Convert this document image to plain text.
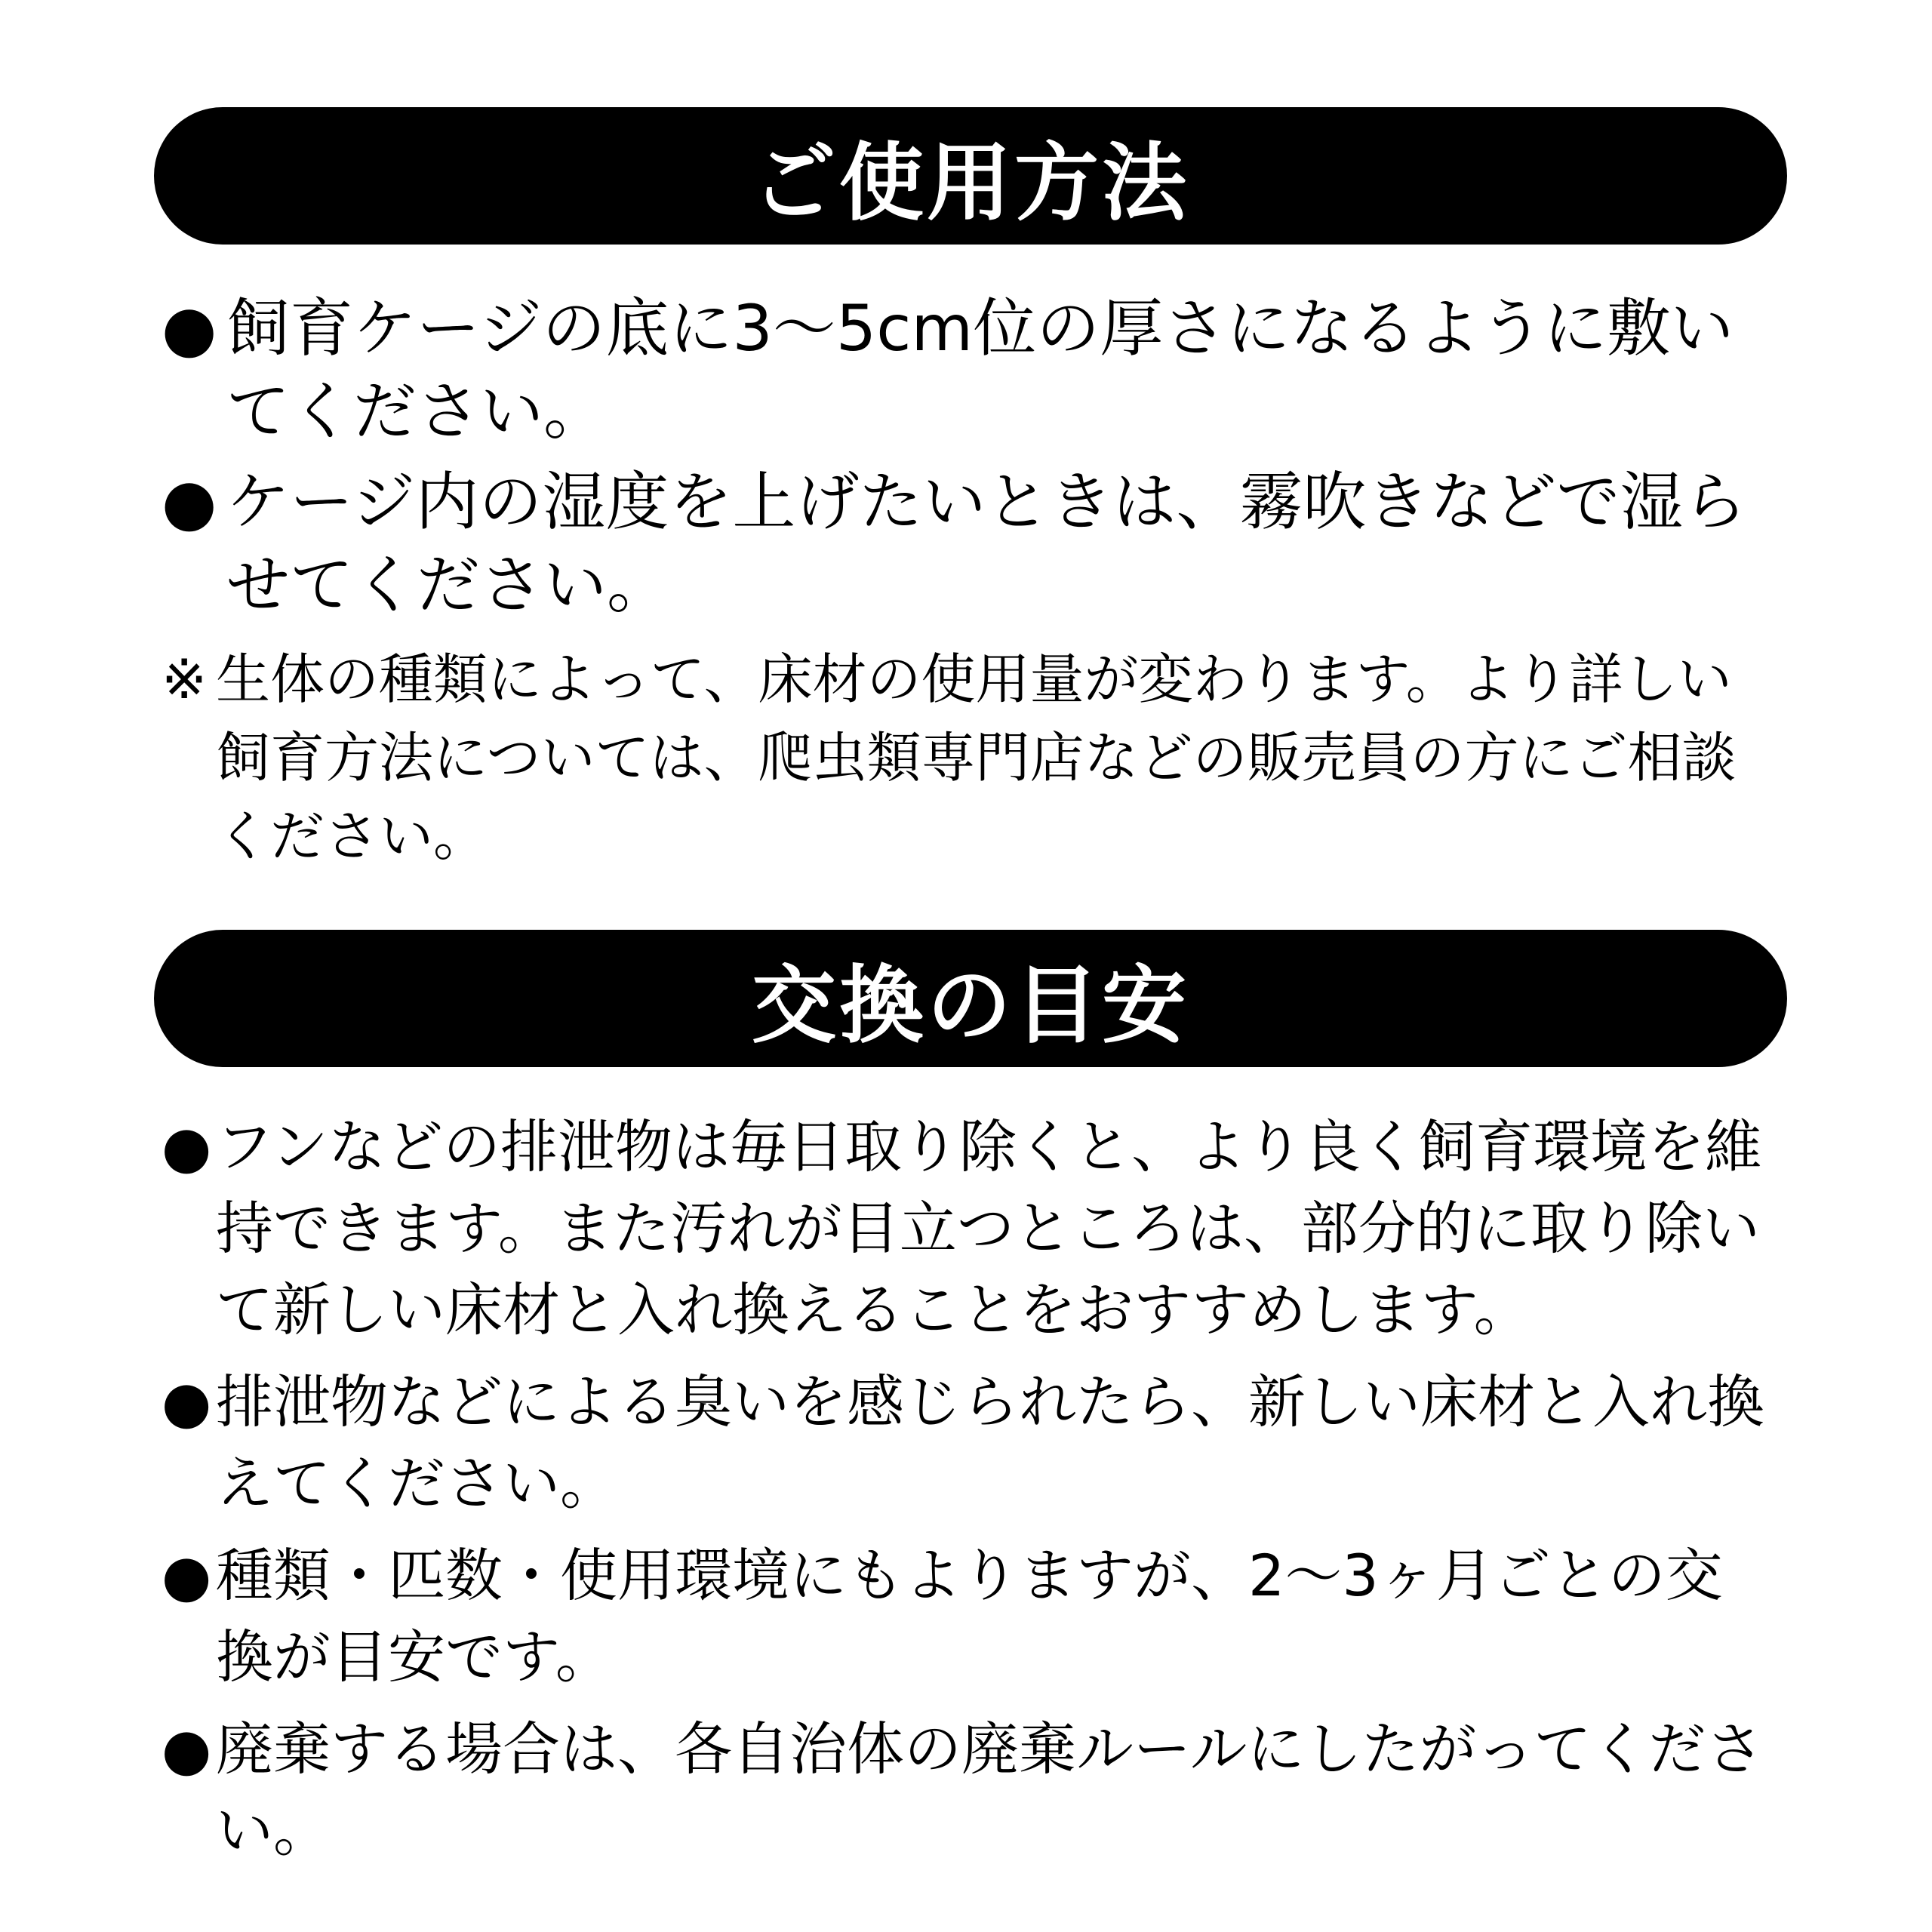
ご使用方法
● 飼育ケージの底に3～5cm位の厚さになるように敷いてください。
● ケージ内の湿度を上げたいときは、霧吹きなどで湿らせてください。
※ 生体の種類によって、床材の使用量が変わります。より詳しい飼育方法については、爬虫類専門店などの販売員の方にご相談ください。
交換の目安
● フンなどの排泄物は毎日取り除くと、より良く飼育環境を維持できます。また汚れが目立つところは、部分的に取り除いて新しい床材と入れ換えることをおすすめします。
● 排泄物などによる臭いを感じられたら、新しい床材と入れ換えてください。
● 種類・匹数・使用環境にもよりますが、2～3ヶ月ごとの交換が目安です。
● 廃棄する場合は、各自治体の廃棄ルールにしたがってください。
